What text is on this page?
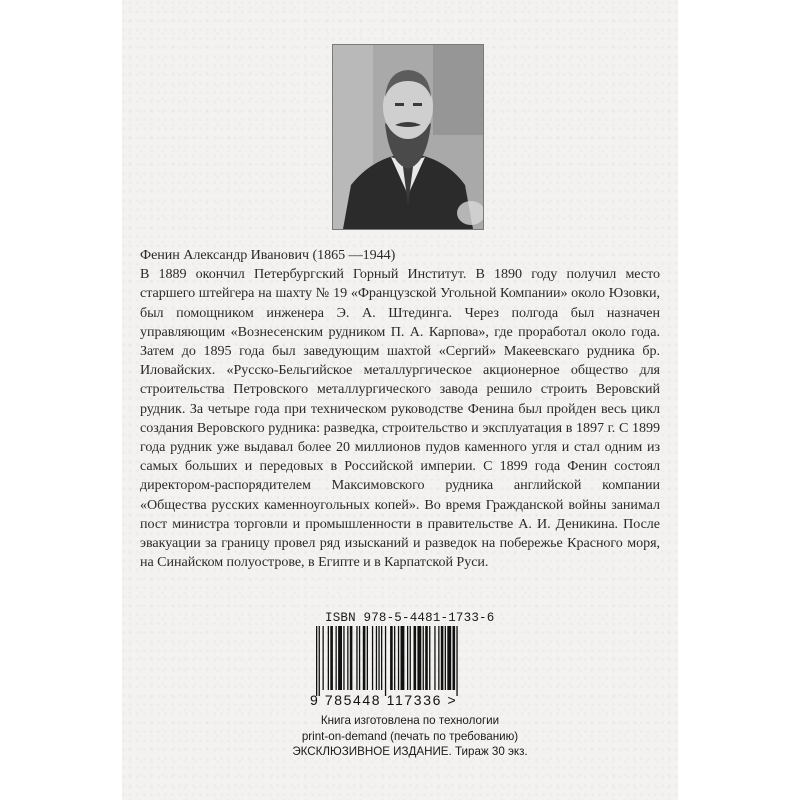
Фенин Александр Иванович (1865 —1944)

В 1889 окончил Петербургский Горный Институт. В 1890 году получил место старшего штейгера на шахту № 19 «Французской Угольной Компании» около Юзовки, был помощником инженера Э. А. Штединга. Через полгода был назначен управляющим «Вознесенским рудником П. А. Карпова», где проработал около года. Затем до 1895 года был заведующим шахтой «Сергий» Макеевскаго рудника бр. Иловайских. «Русско-Бельгийское металлургическое акционерное общество для строительства Петровского металлургического завода решило строить Веровский рудник. За четыре года при техническом руководстве Фенина был пройден весь цикл создания Веровского рудника: разведка, строительство и эксплуатация в 1897 г. С 1899 года рудник уже выдавал более 20 миллионов пудов каменного угля и стал одним из самых больших и передовых в Российской империи. С 1899 года Фенин состоял директором-распорядителем Максимовского рудника английской компании «Общества русских каменноугольных копей». Во время Гражданской войны занимал пост министра торговли и промышленности в правительстве А. И. Деникина. После эвакуации за границу провел ряд изысканий и разведок на побережье Красного моря, на Синайском полуострове, в Египте и в Карпатской Руси.

ISBN 978-5-4481-1733-6
9 785448 117336 >
Книга изготовлена по технологии
print-on-demand (печать по требованию)
ЭКСКЛЮЗИВНОЕ ИЗДАНИЕ. Тираж 30 экз.
